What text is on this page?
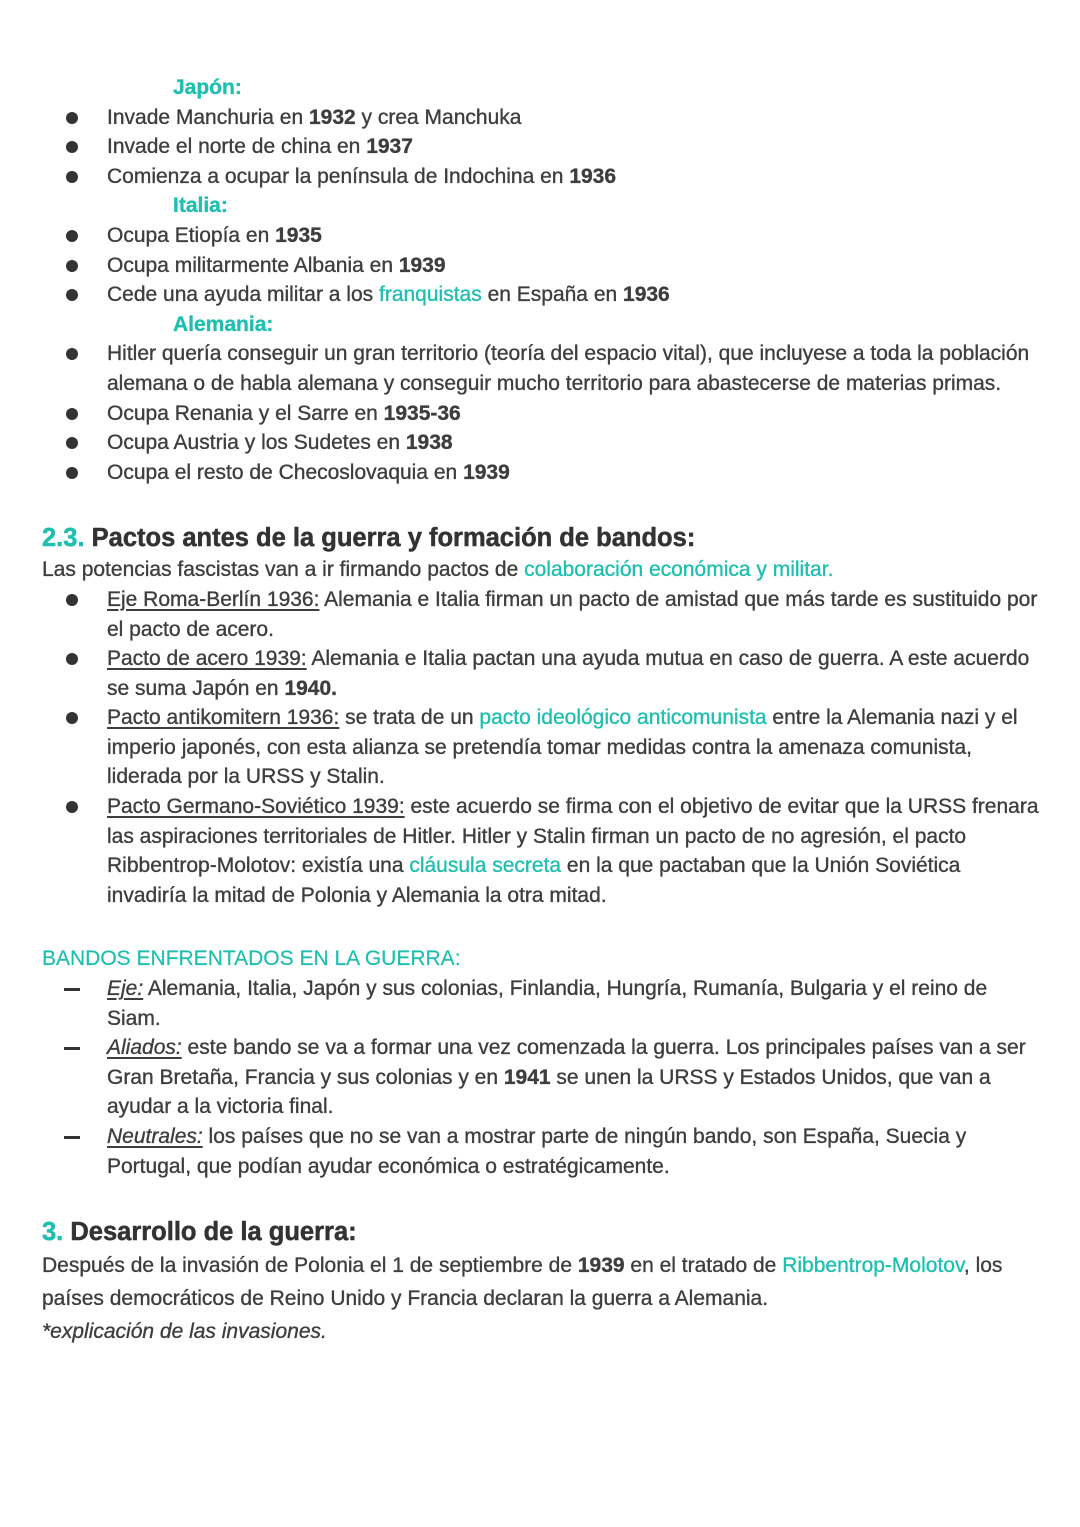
Japón:
Invade Manchuria en 1932 y crea Manchuka
Invade el norte de china en 1937
Comienza a ocupar la península de Indochina en 1936
Italia:
Ocupa Etiopía en 1935
Ocupa militarmente Albania en 1939
Cede una ayuda militar a los franquistas en España en 1936
Alemania:
Hitler quería conseguir un gran territorio (teoría del espacio vital), que incluyese a toda la población alemana o de habla alemana y conseguir mucho territorio para abastecerse de materias primas.
Ocupa Renania y el Sarre en 1935-36
Ocupa Austria y los Sudetes en 1938
Ocupa el resto de Checoslovaquia en 1939
2.3. Pactos antes de la guerra y formación de bandos:

Las potencias fascistas van a ir firmando pactos de colaboración económica y militar.

Eje Roma-Berlín 1936: Alemania e Italia firman un pacto de amistad que más tarde es sustituido por el pacto de acero.
Pacto de acero 1939: Alemania e Italia pactan una ayuda mutua en caso de guerra. A este acuerdo se suma Japón en 1940.
Pacto antikomitern 1936: se trata de un pacto ideológico anticomunista entre la Alemania nazi y el imperio japonés, con esta alianza se pretendía tomar medidas contra la amenaza comunista, liderada por la URSS y Stalin.
Pacto Germano-Soviético 1939: este acuerdo se firma con el objetivo de evitar que la URSS frenara las aspiraciones territoriales de Hitler. Hitler y Stalin firman un pacto de no agresión, el pacto Ribbentrop-Molotov: existía una cláusula secreta en la que pactaban que la Unión Soviética invadiría la mitad de Polonia y Alemania la otra mitad.

BANDOS ENFRENTADOS EN LA GUERRA:

Eje: Alemania, Italia, Japón y sus colonias, Finlandia, Hungría, Rumanía, Bulgaria y el reino de Siam.
Aliados: este bando se va a formar una vez comenzada la guerra. Los principales países van a ser Gran Bretaña, Francia y sus colonias y en 1941 se unen la URSS y Estados Unidos, que van a ayudar a la victoria final.
Neutrales: los países que no se van a mostrar parte de ningún bando, son España, Suecia y Portugal, que podían ayudar económica o estratégicamente.
3. Desarrollo de la guerra:

Después de la invasión de Polonia el 1 de septiembre de 1939 en el tratado de Ribbentrop-Molotov, los países democráticos de Reino Unido y Francia declaran la guerra a Alemania.

*explicación de las invasiones.
